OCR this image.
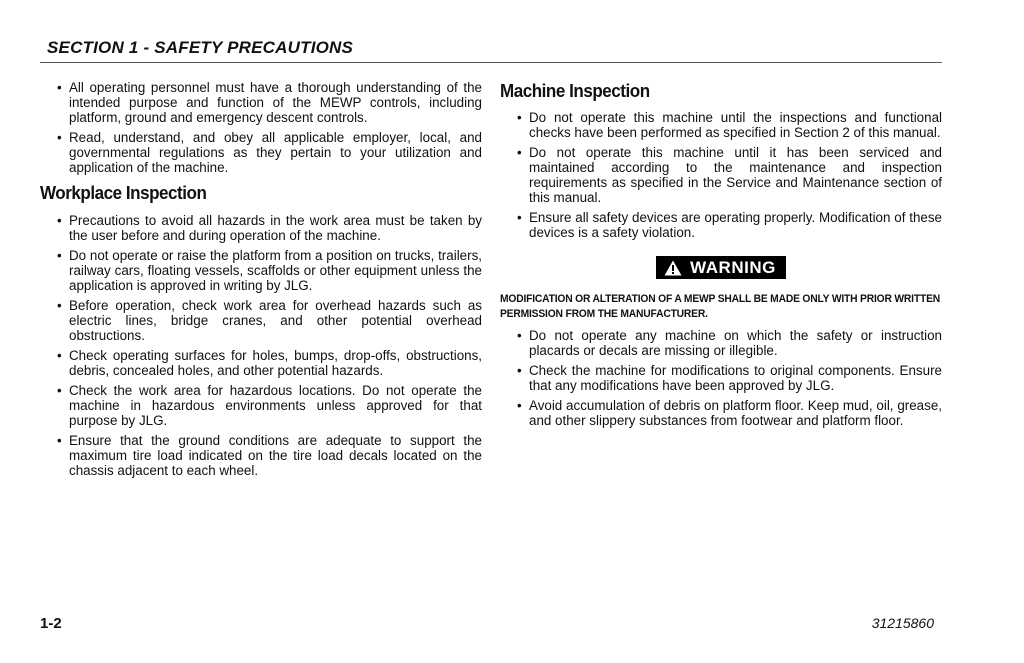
SECTION 1 - SAFETY PRECAUTIONS
• All operating personnel must have a thorough understanding of the intended purpose and function of the MEWP controls, including platform, ground and emergency descent controls.
• Read, understand, and obey all applicable employer, local, and governmental regulations as they pertain to your utilization and application of the machine.
Workplace Inspection
• Precautions to avoid all hazards in the work area must be taken by the user before and during operation of the machine.
• Do not operate or raise the platform from a position on trucks, trailers, railway cars, floating vessels, scaffolds or other equipment unless the application is approved in writing by JLG.
• Before operation, check work area for overhead hazards such as electric lines, bridge cranes, and other potential overhead obstructions.
• Check operating surfaces for holes, bumps, drop-offs, obstructions, debris, concealed holes, and other potential hazards.
• Check the work area for hazardous locations. Do not operate the machine in hazardous environments unless approved for that purpose by JLG.
• Ensure that the ground conditions are adequate to support the maximum tire load indicated on the tire load decals located on the chassis adjacent to each wheel.
Machine Inspection
• Do not operate this machine until the inspections and functional checks have been performed as specified in Section 2 of this manual.
• Do not operate this machine until it has been serviced and maintained according to the maintenance and inspection requirements as specified in the Service and Maintenance section of this manual.
• Ensure all safety devices are operating properly. Modification of these devices is a safety violation.
WARNING

MODIFICATION OR ALTERATION OF A MEWP SHALL BE MADE ONLY WITH PRIOR WRITTEN PERMISSION FROM THE MANUFACTURER.

• Do not operate any machine on which the safety or instruction placards or decals are missing or illegible.
• Check the machine for modifications to original components. Ensure that any modifications have been approved by JLG.
• Avoid accumulation of debris on platform floor. Keep mud, oil, grease, and other slippery substances from footwear and platform floor.
1-2	31215860
